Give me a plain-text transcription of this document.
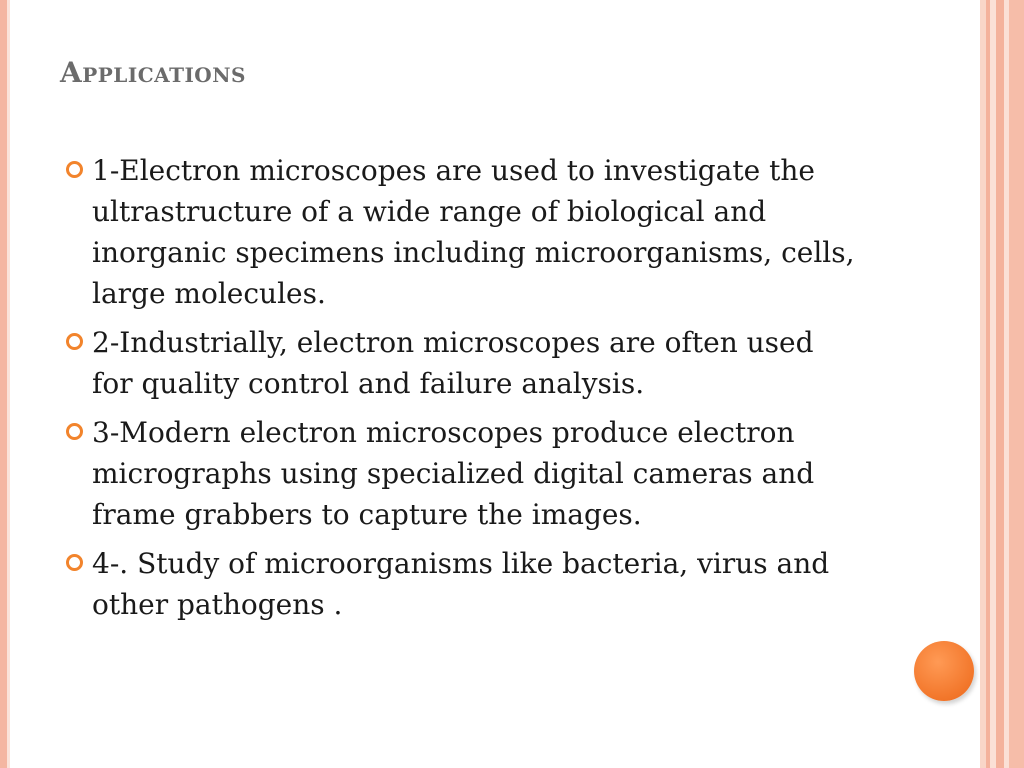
Applications
1-Electron microscopes are used to investigate the ultrastructure of a wide range of biological and inorganic specimens including microorganisms, cells, large molecules.
2-Industrially, electron microscopes are often used for quality control and failure analysis.
3-Modern electron microscopes produce electron micrographs using specialized digital cameras and frame grabbers to capture the images.
4-. Study of microorganisms like bacteria, virus and other pathogens .
